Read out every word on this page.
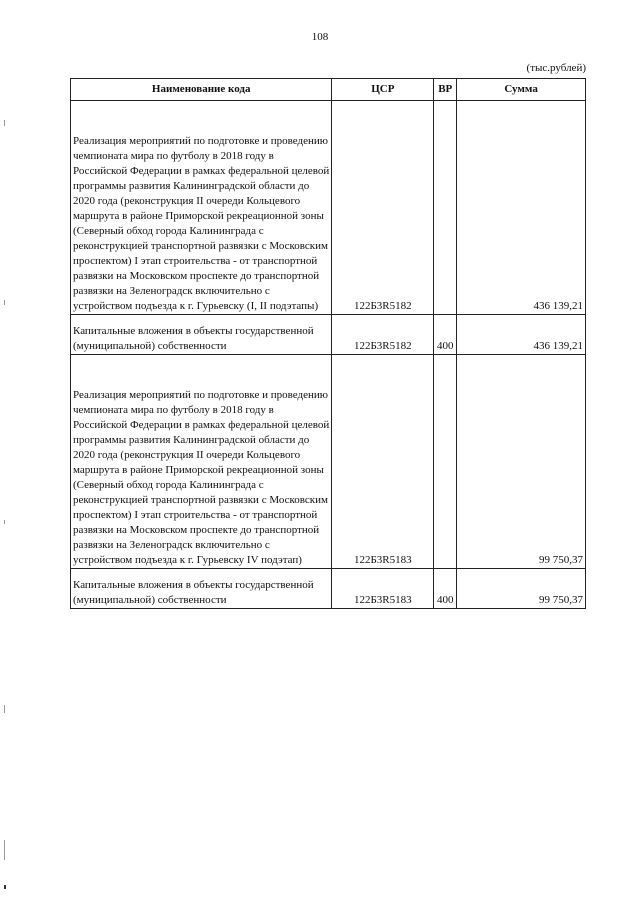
108
(тыс.рублей)
Наименование кода	ЦСР	ВР	Сумма
Реализация мероприятий по подготовке и проведению чемпионата мира по футболу в 2018 году в Российской Федерации в рамках федеральной целевой программы развития Калининградской области до 2020 года (реконструкция II очереди Кольцевого маршрута в районе Приморской рекреационной зоны (Северный обход города Калининграда с реконструкцией транспортной развязки с Московским проспектом) I этап строительства - от транспортной развязки на Московском проспекте до транспортной развязки на Зеленоградск включительно с устройством подъезда к г. Гурьевску (I, II подэтапы)	122Б3R5182		436 139,21
Капитальные вложения в объекты государственной (муниципальной) собственности	122Б3R5182	400	436 139,21
Реализация мероприятий по подготовке и проведению чемпионата мира по футболу в 2018 году в Российской Федерации в рамках федеральной целевой программы развития Калининградской области до 2020 года (реконструкция II очереди Кольцевого маршрута в районе Приморской рекреационной зоны (Северный обход города Калининграда с реконструкцией транспортной развязки с Московским проспектом) I этап строительства - от транспортной развязки на Московском проспекте до транспортной развязки на Зеленоградск включительно с устройством подъезда к г. Гурьевску IV подэтап)	122Б3R5183		99 750,37
Капитальные вложения в объекты государственной (муниципальной) собственности	122Б3R5183	400	99 750,37
